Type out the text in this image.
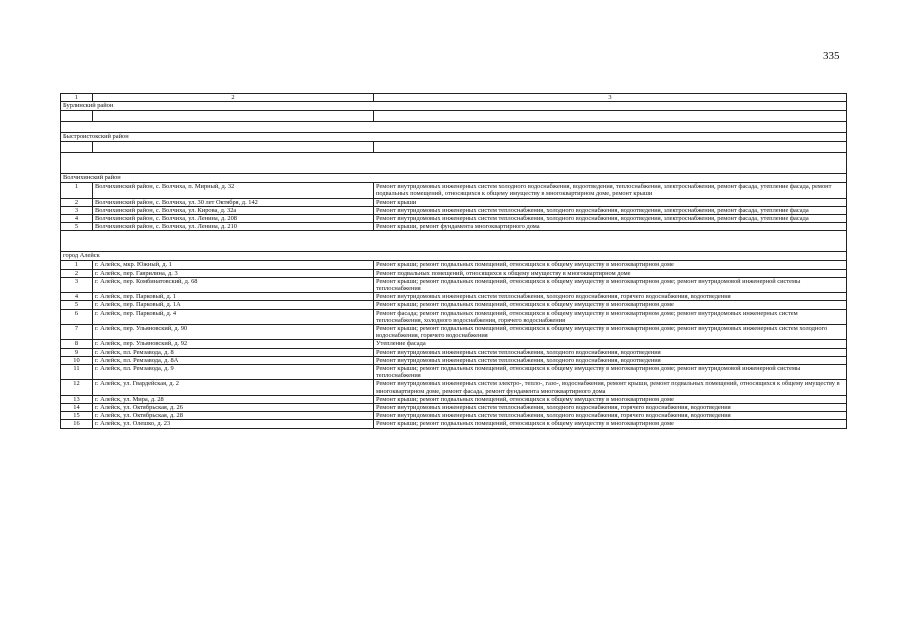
335
1	2	3
Бурлинский район		

Быстроистокский район		

Волчихинский район		
1	Волчихинский район, с. Волчиха, п. Мирный, д. 32	Ремонт внутридомовых инженерных систем холодного водоснабжения, водоотведения, теплоснабжения, электроснабжения, ремонт фасада, утепление фасада, ремонт подвальных помещений, относящихся к общему имуществу в многоквартирном доме, ремонт крыши
2	Волчихинский район, с. Волчиха, ул. 30 лет Октября, д. 142	Ремонт крыши
3	Волчихинский район, с. Волчиха, ул. Кирова, д. 32а	Ремонт внутридомовых инженерных систем теплоснабжения, холодного водоснабжения, водоотведения, электроснабжения, ремонт фасада, утепление фасада
4	Волчихинский район, с. Волчиха, ул. Ленина, д. 208	Ремонт внутридомовых инженерных систем теплоснабжения, холодного водоснабжения, водоотведения, электроснабжения, ремонт фасада, утепление фасада
5	Волчихинский район, с. Волчиха, ул. Ленина, д. 210	Ремонт крыши, ремонт фундамента многоквартирного дома

город Алейск		
1	г. Алейск, мкр. Южный, д. 1	Ремонт крыши; ремонт подвальных помещений, относящихся к общему имуществу в многоквартирном доме
2	г. Алейск, пер. Гаврилина, д. 3	Ремонт подвальных помещений, относящихся к общему имуществу в многоквартирном доме
3	г. Алейск, пер. Комбинатовский, д. 68	Ремонт крыши; ремонт подвальных помещений, относящихся к общему имуществу в многоквартирном доме; ремонт внутридомовой инженерной системы теплоснабжения
4	г. Алейск, пер. Парковый, д. 1	Ремонт внутридомовых инженерных систем теплоснабжения, холодного водоснабжения, горячего водоснабжения, водоотведения
5	г. Алейск, пер. Парковый, д. 1А	Ремонт крыши; ремонт подвальных помещений, относящихся к общему имуществу в многоквартирном доме
6	г. Алейск, пер. Парковый, д. 4	Ремонт фасада; ремонт подвальных помещений, относящихся к общему имуществу в многоквартирном доме; ремонт внутридомовых инженерных систем теплоснабжения, холодного водоснабжения, горячего водоснабжения
7	г. Алейск, пер. Ульяновский, д. 90	Ремонт крыши; ремонт подвальных помещений, относящихся к общему имуществу в многоквартирном доме; ремонт внутридомовых инженерных систем холодного водоснабжения, горячего водоснабжения
8	г. Алейск, пер. Ульяновский, д. 92	Утепление фасада
9	г. Алейск, пл. Ремзавода, д. 8	Ремонт внутридомовых инженерных систем теплоснабжения, холодного водоснабжения, водоотведения
10	г. Алейск, пл. Ремзавода, д. 8А	Ремонт внутридомовых инженерных систем теплоснабжения, холодного водоснабжения, водоотведения
11	г. Алейск, пл. Ремзавода, д. 9	Ремонт крыши; ремонт подвальных помещений, относящихся к общему имуществу в многоквартирном доме; ремонт внутридомовой инженерной системы теплоснабжения
12	г. Алейск, ул. Гвардейская, д. 2	Ремонт внутридомовых инженерных систем электро-, тепло-, газо-, водоснабжения, ремонт крыши, ремонт подвальных помещений, относящихся к общему имуществу в многоквартирном доме, ремонт фасада, ремонт фундамента многоквартирного дома
13	г. Алейск, ул. Мира, д. 28	Ремонт крыши; ремонт подвальных помещений, относящихся к общему имуществу в многоквартирном доме
14	г. Алейск, ул. Октябрьская, д. 26	Ремонт внутридомовых инженерных систем теплоснабжения, холодного водоснабжения, горячего водоснабжения, водоотведения
15	г. Алейск, ул. Октябрьская, д. 28	Ремонт внутридомовых инженерных систем теплоснабжения, холодного водоснабжения, горячего водоснабжения, водоотведения
16	г. Алейск, ул. Олешко, д. 23	Ремонт крыши; ремонт подвальных помещений, относящихся к общему имуществу в многоквартирном доме
